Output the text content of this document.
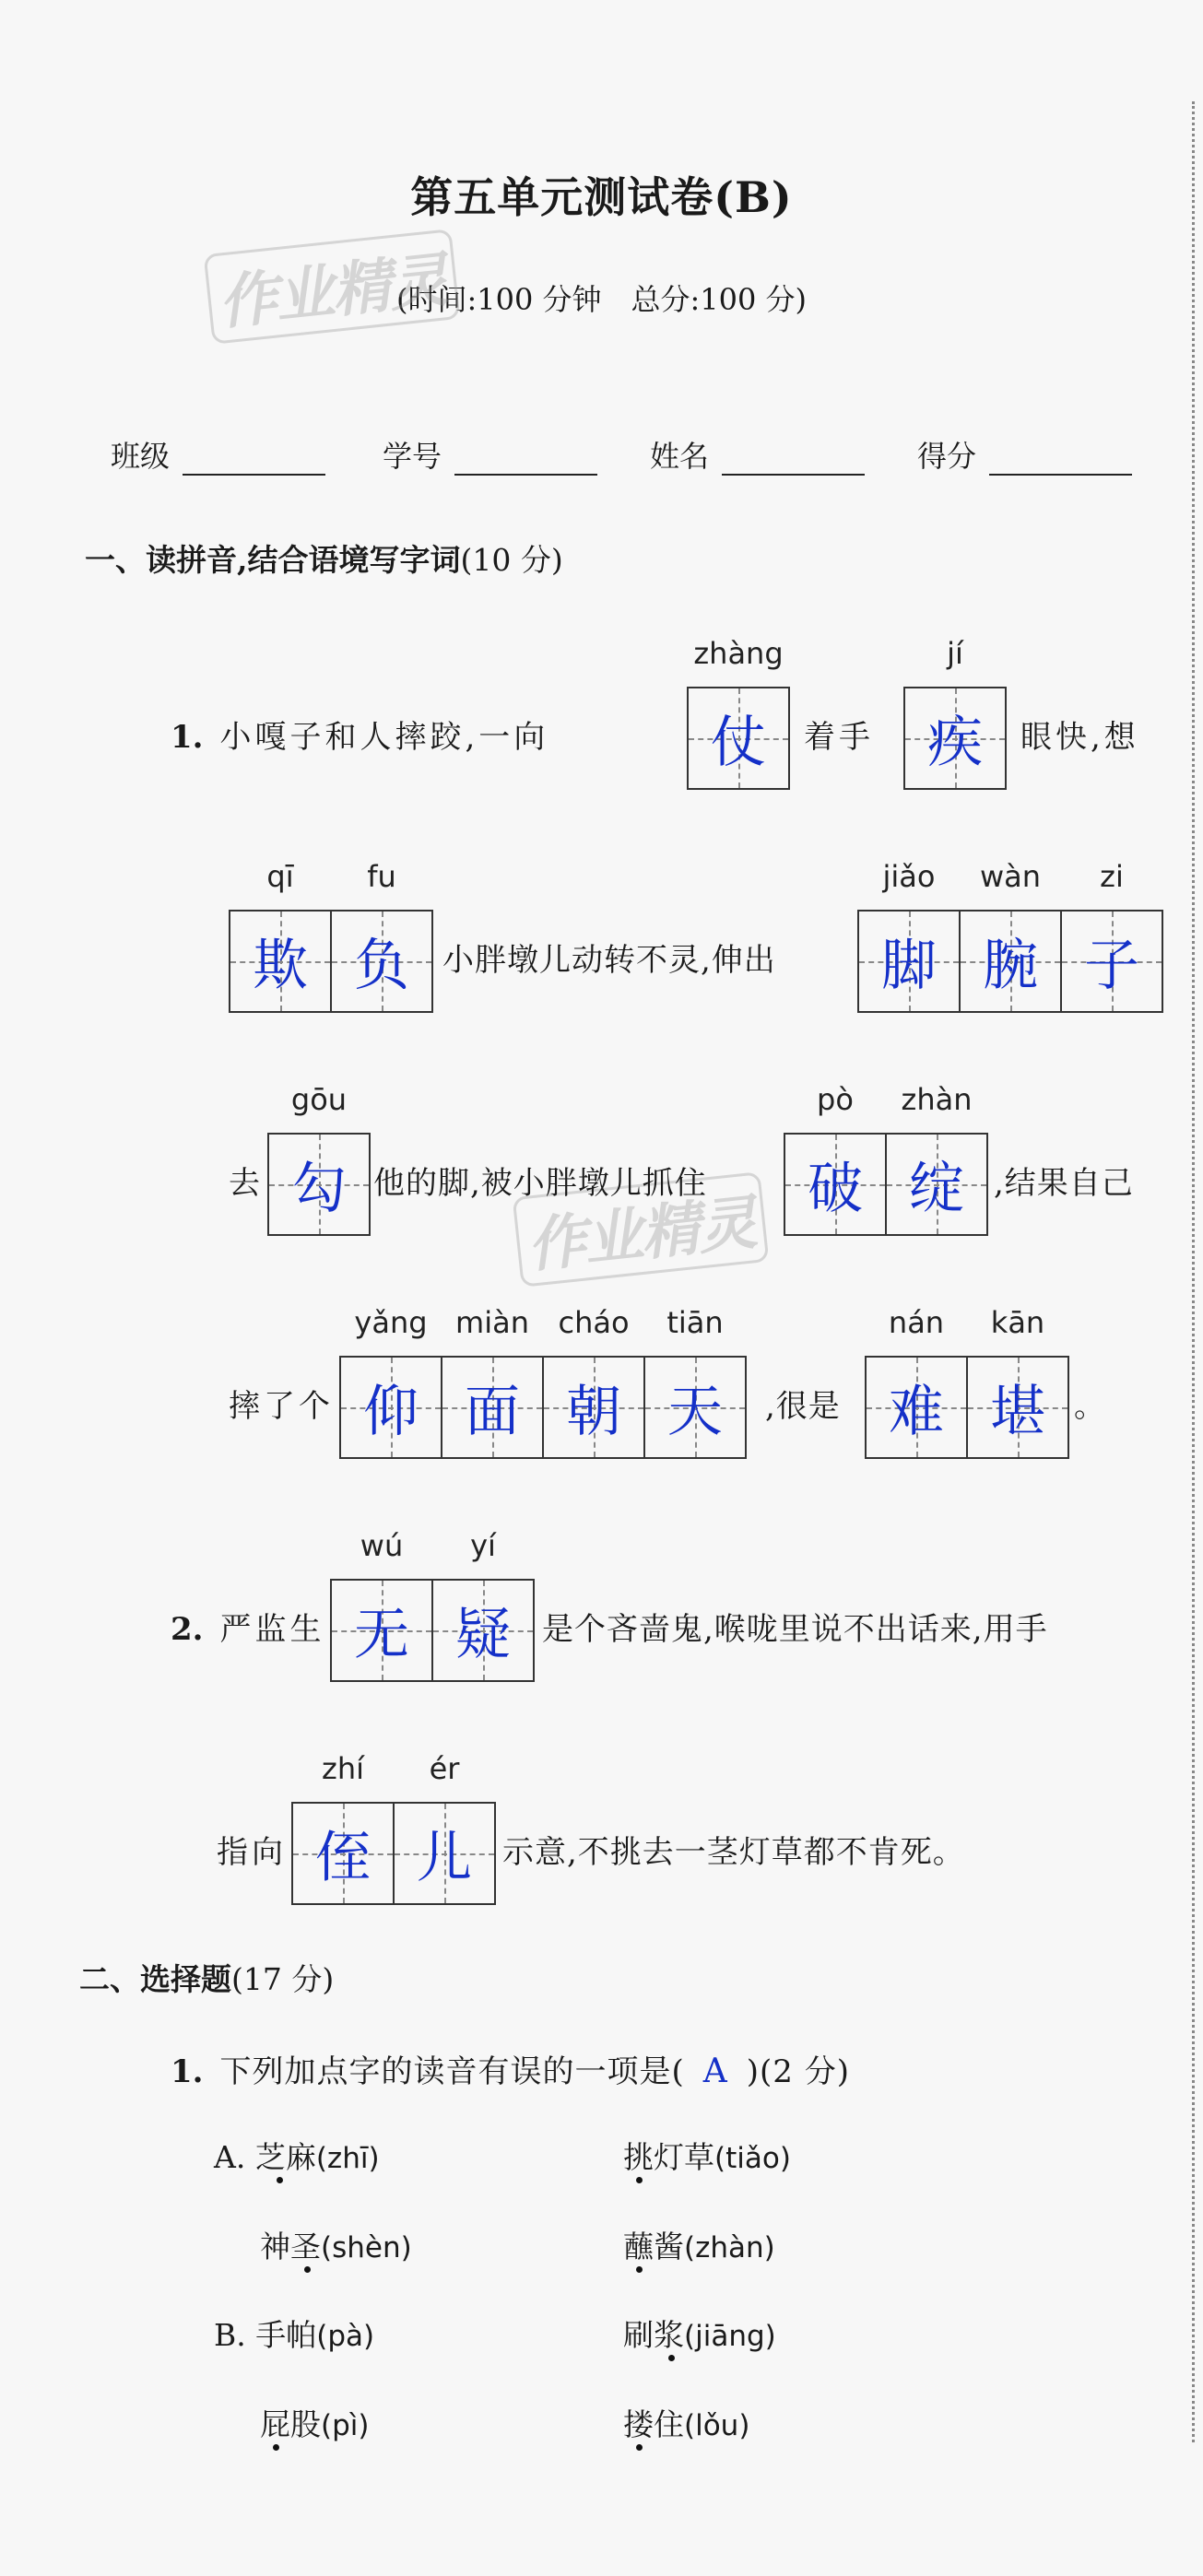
第五单元测试卷(B)
(时间:100 分钟　总分:100 分)
作业精灵
作业精灵
班级	学号	姓名	得分
一、读拼音,结合语境写字词(10 分)
1. 小嘎子和人摔跤,一向
zhàng
仗	着手
jí
疾	眼快,想
qī	fu
欺 负	小胖墩儿动转不灵,伸出
jiǎo	wàn	zi
脚 腕 子
去
gōu
勾 他的脚,被小胖墩儿抓住
pò	zhàn
破 绽 ,结果自己
摔了个
yǎng miàn cháo	tiān
仰 面 朝 天	,很是
nán	kān
难 堪 。
2. 严监生
wú	yí
无 疑	是个吝啬鬼,喉咙里说不出话来,用手
指向
zhí	ér
侄 儿 示意,不挑去一茎灯草都不肯死。
二、选择题(17 分)
1. 下列加点字的读音有误的一项是( A )(2 分)
A. 芝麻(zhī)	挑灯草(tiǎo)
神圣(shèn)	蘸酱(zhàn)
B. 手帕(pà)	刷浆(jiāng)
屁股(pì)	搂住(lǒu)
